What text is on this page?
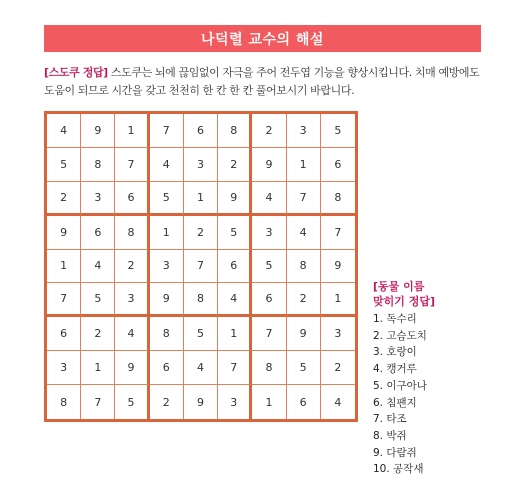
나덕렬 교수의 해설
[스도쿠 정답] 스도쿠는 뇌에 끊임없이 자극을 주어 전두엽 기능을 향상시킵니다. 치매 예방에도 도움이 되므로 시간을 갖고 천천히 한 칸 한 칸 풀어보시기 바랍니다.
4	9	1	7	6	8	2	3	5
5	8	7	4	3	2	9	1	6
2	3	6	5	1	9	4	7	8
9	6	8	1	2	5	3	4	7
1	4	2	3	7	6	5	8	9
7	5	3	9	8	4	6	2	1
6	2	4	8	5	1	7	9	3
3	1	9	6	4	7	8	5	2
8	7	5	2	9	3	1	6	4
[동물 이름
맞히기 정답]
1. 독수리
2. 고슴도치
3. 호랑이
4. 캥거루
5. 이구아나
6. 침팬지
7. 타조
8. 박쥐
9. 다람쥐
10. 공작새
